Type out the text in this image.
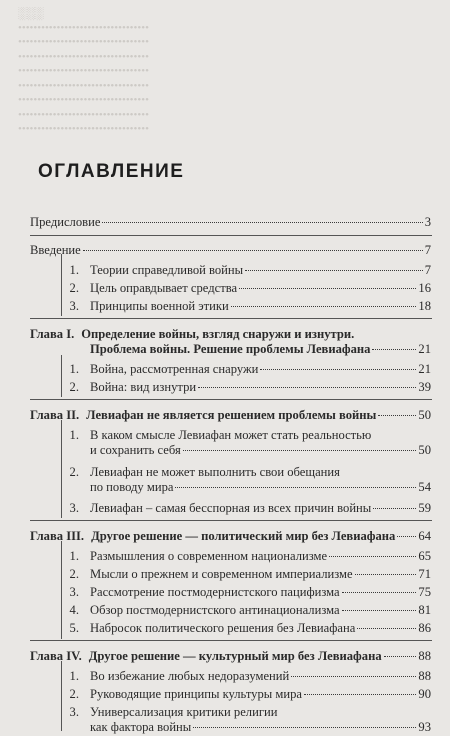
░░░
••••••••••••••••••••••••••••••••••
••••••••••••••••••••••••••••••••••
••••••••••••••••••••••••••••••••••
••••••••••••••••••••••••••••••••••
••••••••••••••••••••••••••••••••••
••••••••••••••••••••••••••••••••••
••••••••••••••••••••••••••••••••••
••••••••••••••••••••••••••••••••••
ОГЛАВЛЕНИЕ
Предисловие	3
Введение	7
1. Теории справедливой войны	7
2. Цель оправдывает средства	16
3. Принципы военной этики	18
Глава I. Определение войны, взгляд снаружи и изнутри.
Проблема войны. Решение проблемы Левиафана	21
1. Война, рассмотренная снаружи	21
2. Война: вид изнутри	39
Глава II. Левиафан не является решением проблемы войны	50
1. В каком смысле Левиафан может стать реальностью
и сохранить себя	50
2. Левиафан не может выполнить свои обещания
по поводу мира	54
3. Левиафан – самая бесспорная из всех причин войны	59
Глава III. Другое решение — политический мир без Левиафана 64
1. Размышления о современном национализме	65
2. Мысли о прежнем и современном империализме	71
3. Рассмотрение постмодернистского пацифизма	75
4. Обзор постмодернистского антинационализма	81
5. Набросок политического решения без Левиафана	86
Глава IV. Другое решение — культурный мир без Левиафана	88
1. Во избежание любых недоразумений	88
2. Руководящие принципы культуры мира	90
3. Универсализация критики религии
как фактора войны	93
